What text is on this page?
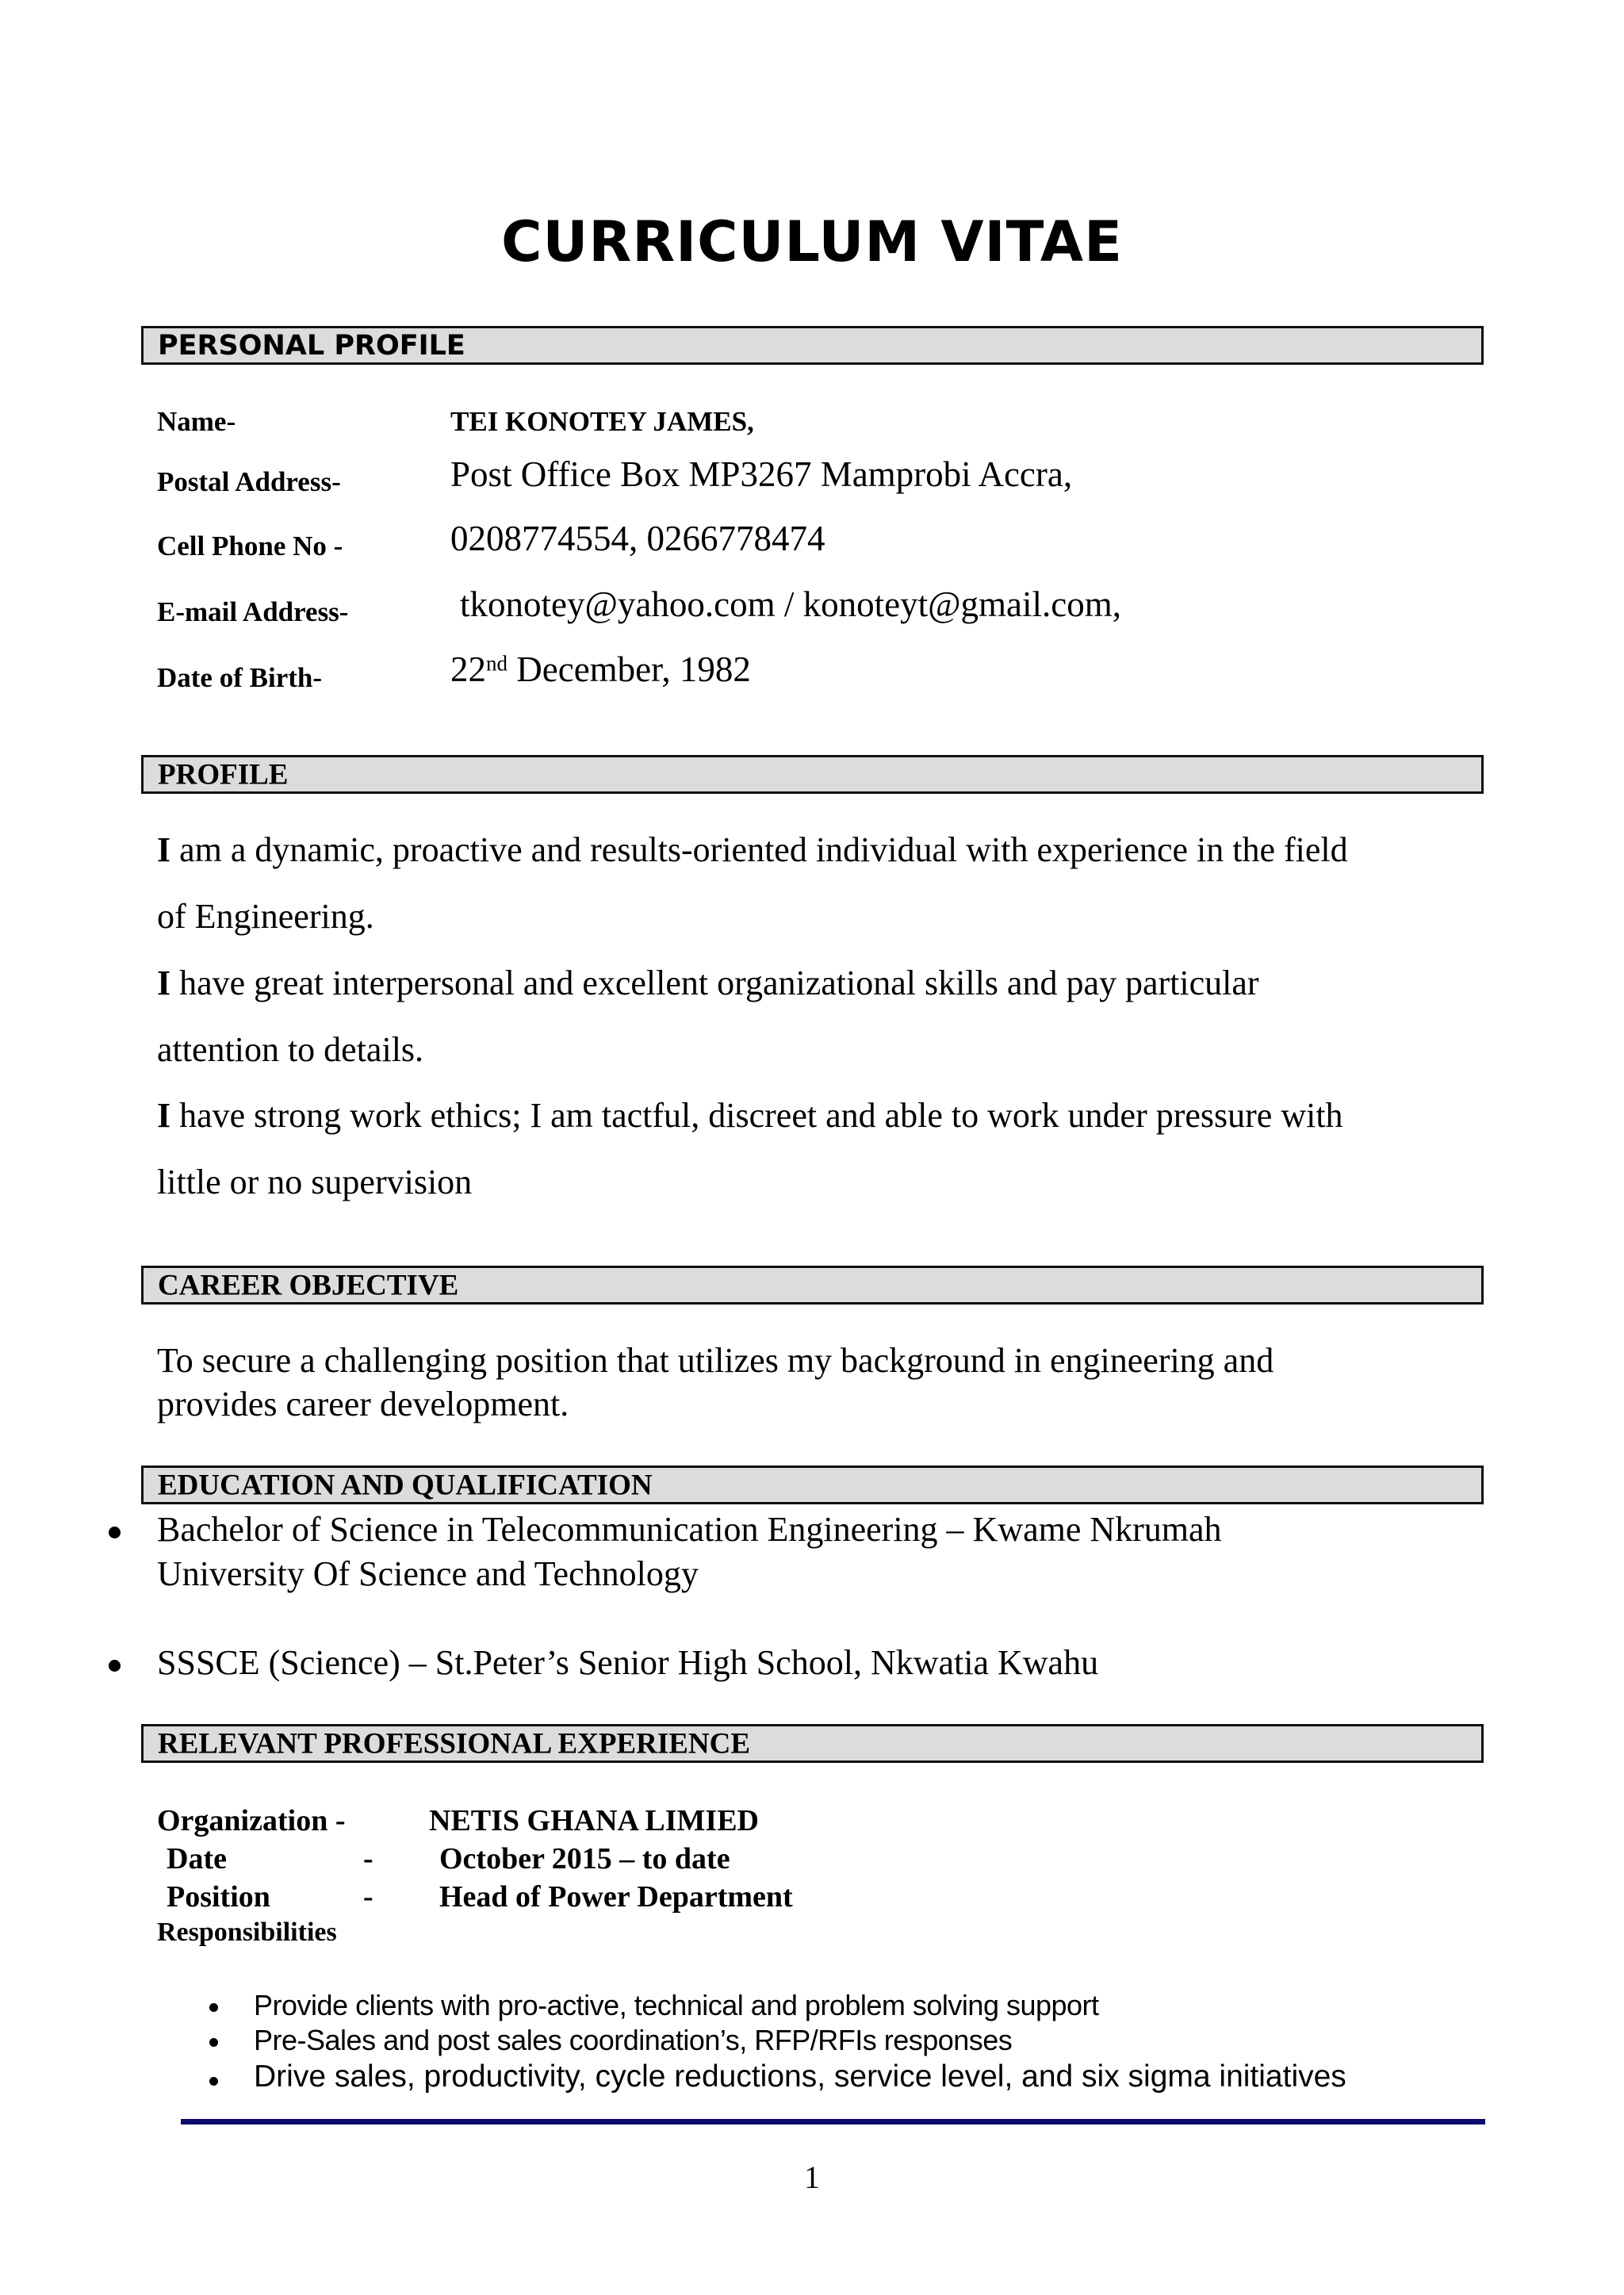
CURRICULUM VITAE
PERSONAL PROFILE
Name-	TEI KONOTEY JAMES,
Postal Address-	Post Office Box MP3267 Mamprobi Accra,
Cell Phone No -	0208774554, 0266778474
E-mail Address-	tkonotey@yahoo.com / konoteyt@gmail.com,
Date of Birth-	22nd December, 1982
PROFILE
I am a dynamic, proactive and results-oriented individual with experience in the field
of Engineering.
I have great interpersonal and excellent organizational skills and pay particular
attention to details.
I have strong work ethics; I am tactful, discreet and able to work under pressure with
little or no supervision
CAREER OBJECTIVE
To secure a challenging position that utilizes my background in engineering and
provides career development.
EDUCATION AND QUALIFICATION
Bachelor of Science in Telecommunication Engineering – Kwame Nkrumah
University Of Science and Technology
SSSCE (Science) – St.Peter’s Senior High School, Nkwatia Kwahu
RELEVANT PROFESSIONAL EXPERIENCE
Organization -	NETIS GHANA LIMIED
Date	- October 2015 – to date
Position	- Head of Power Department
Responsibilities
Provide clients with pro-active, technical and problem solving support
Pre-Sales and post sales coordination’s, RFP/RFIs responses
Drive sales, productivity, cycle reductions, service level, and six sigma initiatives
1
